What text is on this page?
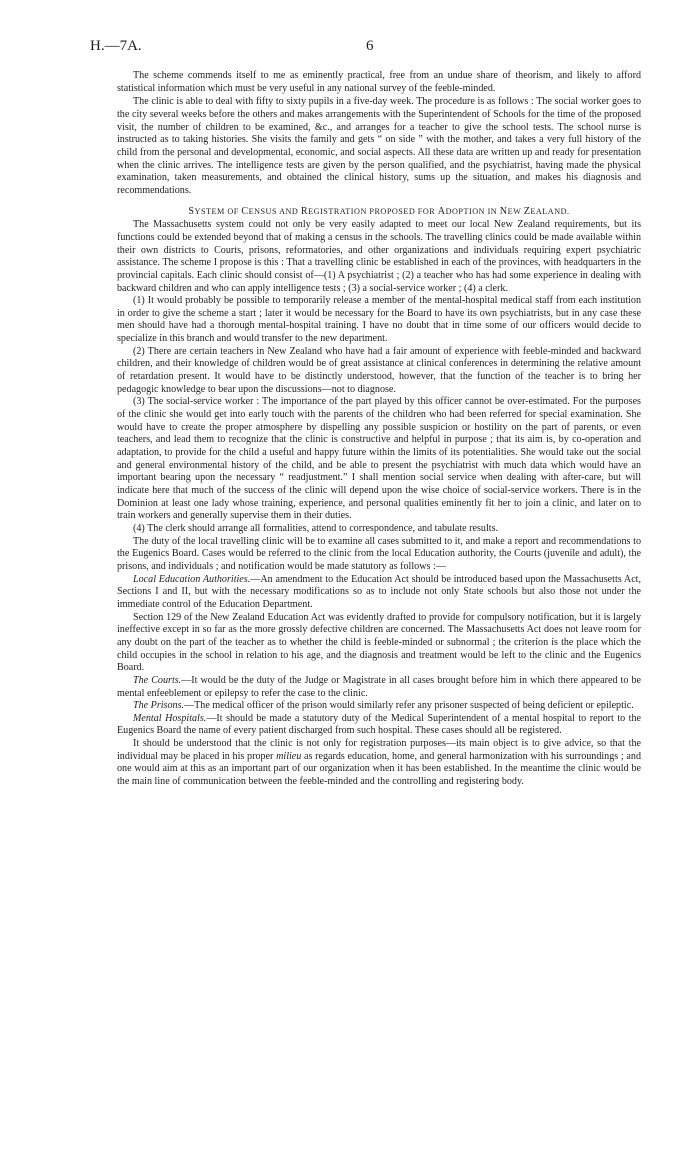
H.—7A.	6

The scheme commends itself to me as eminently practical, free from an undue share of theorism, and likely to afford statistical information which must be very useful in any national survey of the feeble-minded.

The clinic is able to deal with fifty to sixty pupils in a five-day week. The procedure is as follows : The social worker goes to the city several weeks before the others and makes arrangements with the Superintendent of Schools for the time of the proposed visit, the number of children to be examined, &c., and arranges for a teacher to give the school tests. The school nurse is instructed as to taking histories. She visits the family and gets “ on side ” with the mother, and takes a very full history of the child from the personal and developmental, economic, and social aspects. All these data are written up and ready for presentation when the clinic arrives. The intelligence tests are given by the person qualified, and the psychiatrist, having made the physical examination, taken measurements, and obtained the clinical history, sums up the situation, and makes his diagnosis and recommendations.

SYSTEM OF CENSUS AND REGISTRATION PROPOSED FOR ADOPTION IN NEW ZEALAND.

The Massachusetts system could not only be very easily adapted to meet our local New Zealand requirements, but its functions could be extended beyond that of making a census in the schools. The travelling clinics could be made available within their own districts to Courts, prisons, reformatories, and other organizations and individuals requiring expert psychiatric assistance. The scheme I propose is this : That a travelling clinic be established in each of the provinces, with headquarters in the provincial capitals. Each clinic should consist of—(1) A psychiatrist ; (2) a teacher who has had some experience in dealing with backward children and who can apply intelligence tests ; (3) a social-service worker ; (4) a clerk.

(1) It would probably be possible to temporarily release a member of the mental-hospital medical staff from each institution in order to give the scheme a start ; later it would be necessary for the Board to have its own psychiatrists, but in any case these men should have had a thorough mental-hospital training. I have no doubt that in time some of our officers would decide to specialize in this branch and would transfer to the new department.

(2) There are certain teachers in New Zealand who have had a fair amount of experience with feeble-minded and backward children, and their knowledge of children would be of great assistance at clinical conferences in determining the relative amount of retardation present. It would have to be distinctly understood, however, that the function of the teacher is to bring her pedagogic knowledge to bear upon the discussions—not to diagnose.

(3) The social-service worker : The importance of the part played by this officer cannot be over-estimated. For the purposes of the clinic she would get into early touch with the parents of the children who had been referred for special examination. She would have to create the proper atmosphere by dispelling any possible suspicion or hostility on the part of parents, or even teachers, and lead them to recognize that the clinic is constructive and helpful in purpose ; that its aim is, by co-operation and adaptation, to provide for the child a useful and happy future within the limits of its potentialities. She would take out the social and general environmental history of the child, and be able to present the psychiatrist with much data which would have an important bearing upon the necessary “ readjustment.” I shall mention social service when dealing with after-care, but will indicate here that much of the success of the clinic will depend upon the wise choice of social-service workers. There is in the Dominion at least one lady whose training, experience, and personal qualities eminently fit her to join a clinic, and later on to train workers and generally supervise them in their duties.

(4) The clerk should arrange all formalities, attend to correspondence, and tabulate results.

The duty of the local travelling clinic will be to examine all cases submitted to it, and make a report and recommendations to the Eugenics Board. Cases would be referred to the clinic from the local Education authority, the Courts (juvenile and adult), the prisons, and individuals ; and notification would be made statutory as follows :—

Local Education Authorities.—An amendment to the Education Act should be introduced based upon the Massachusetts Act, Sections I and II, but with the necessary modifications so as to include not only State schools but also those not under the immediate control of the Education Department.

Section 129 of the New Zealand Education Act was evidently drafted to provide for compulsory notification, but it is largely ineffective except in so far as the more grossly defective children are concerned. The Massachusetts Act does not leave room for any doubt on the part of the teacher as to whether the child is feeble-minded or subnormal ; the criterion is the place which the child occupies in the school in relation to his age, and the diagnosis and treatment would be left to the clinic and the Eugenics Board.

The Courts.—It would be the duty of the Judge or Magistrate in all cases brought before him in which there appeared to be mental enfeeblement or epilepsy to refer the case to the clinic.

The Prisons.—The medical officer of the prison would similarly refer any prisoner suspected of being deficient or epileptic.

Mental Hospitals.—It should be made a statutory duty of the Medical Superintendent of a mental hospital to report to the Eugenics Board the name of every patient discharged from such hospital. These cases should all be registered.

It should be understood that the clinic is not only for registration purposes—its main object is to give advice, so that the individual may be placed in his proper milieu as regards education, home, and general harmonization with his surroundings ; and one would aim at this as an important part of our organization when it has been established. In the meantime the clinic would be the main line of communication between the feeble-minded and the controlling and registering body.
